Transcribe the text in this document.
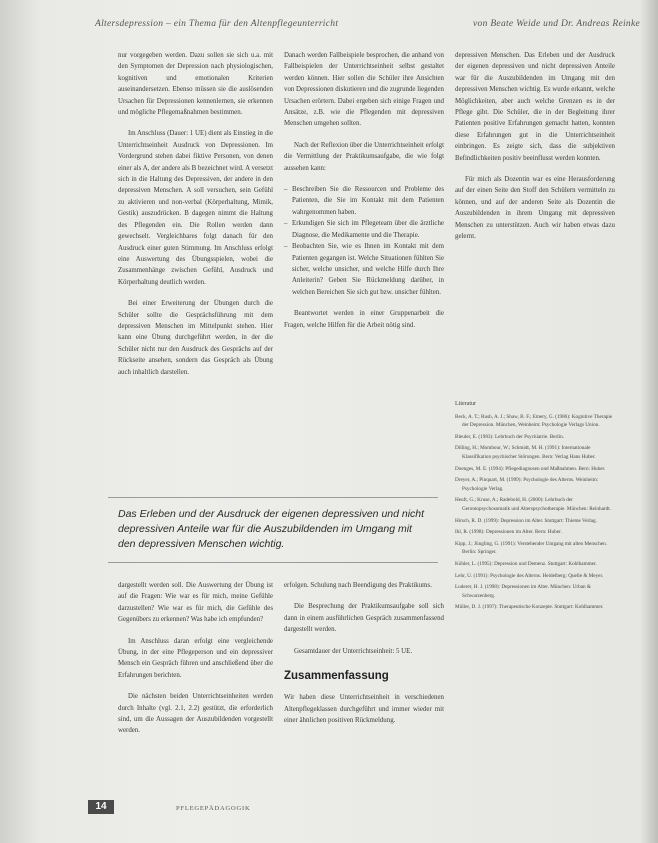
Altersdepression – ein Thema für den Altenpflegeunterricht	von Beate Weide und Dr. Andreas Reinke

nur vorgegeben werden. Dazu sollen sie sich u.a. mit den Symptomen der Depression nach physiologischen, kognitiven und emotionalen Kriterien auseinandersetzen. Ebenso müssen sie die auslösenden Ursachen für Depressionen kennenlernen, sie erkennen und mögliche Pflegemaßnahmen bestimmen.

Im Anschluss (Dauer: 1 UE) dient als Einstieg in die Unterrichtseinheit Ausdruck von Depressionen. Im Vordergrund stehen dabei fiktive Personen, von denen einer als A, der andere als B bezeichnet wird. A versetzt sich in die Haltung des Depressiven, der andere in den depressiven Menschen. A soll versuchen, sein Gefühl zu aktivieren und non-verbal (Körperhaltung, Mimik, Gestik) auszudrücken. B dagegen nimmt die Haltung des Pflegenden ein. Die Rollen werden dann gewechselt. Vergleichbares folgt danach für den Ausdruck einer guten Stimmung. Im Anschluss erfolgt eine Auswertung des Übungsspielen, wobei die Zusammenhänge zwischen Gefühl, Ausdruck und Körperhaltung deutlich werden.

Bei einer Erweiterung der Übungen durch die Schüler sollte die Gesprächsführung mit dem depressiven Menschen im Mittelpunkt stehen. Hier kann eine Übung durchgeführt werden, in der die Schüler nicht nur den Ausdruck des Gesprächs auf der Rückseite ansehen, sondern das Gespräch als Übung auch inhaltlich darstellen.

Danach werden Fallbeispiele besprochen, die anhand von Fallbeispielen der Unterrichtseinheit selbst gestaltet werden können. Hier sollen die Schüler ihre Ansichten von Depressionen diskutieren und die zugrunde liegenden Ursachen erörtern. Dabei ergeben sich einige Fragen und Ansätze, z.B. wie die Pflegenden mit depressiven Menschen umgehen sollten.

Nach der Reflexion über die Unterrichtseinheit erfolgt die Vermittlung der Praktikumsaufgabe, die wie folgt aussehen kann:

– Beschreiben Sie die Ressourcen und Probleme des Patienten, die Sie im Kontakt mit dem Patienten wahrgenommen haben.
– Erkundigen Sie sich im Pflegeteam über die ärztliche Diagnose, die Medikamente und die Therapie.
– Beobachten Sie, wie es Ihnen im Kontakt mit dem Patienten gegangen ist. Welche Situationen fühlten Sie sicher, welche unsicher, und welche Hilfe durch Ihre Anleiterin? Geben Sie Rückmeldung darüber, in welchen Bereichen Sie sich gut bzw. unsicher fühlten.

Beantwortet werden in einer Gruppenarbeit die Fragen, welche Hilfen für die Arbeit nötig sind.

depressiven Menschen. Das Erleben und der Ausdruck der eigenen depressiven und nicht depressiven Anteile war für die Auszubildenden im Umgang mit den depressiven Menschen wichtig. Es wurde erkannt, welche Möglichkeiten, aber auch welche Grenzen es in der Pflege gibt. Die Schüler, die in der Begleitung ihrer Patienten positive Erfahrungen gemacht hatten, konnten diese Erfahrungen gut in die Unterrichtseinheit einbringen. Es zeigte sich, dass die subjektiven Befindlichkeiten positiv beeinflusst werden konnten.

Für mich als Dozentin war es eine Herausforderung auf der einen Seite den Stoff den Schülern vermitteln zu können, und auf der anderen Seite als Dozentin die Auszubildenden in ihrem Umgang mit depressiven Menschen zu unterstützen. Auch wir haben etwas dazu gelernt.

Das Erleben und der Ausdruck der eigenen depressiven und nicht depressiven Anteile war für die Auszubildenden im Umgang mit den depressiven Menschen wichtig.

dargestellt werden soll. Die Auswertung der Übung ist auf die Fragen: Wie war es für mich, meine Gefühle darzustellen? Wie war es für mich, die Gefühle des Gegenübers zu erkennen? Was habe ich empfunden?

Im Anschluss daran erfolgt eine vergleichende Übung, in der eine Pflegeperson und ein depressiver Mensch ein Gespräch führen und anschließend über die Erfahrungen berichten.

Die nächsten beiden Unterrichtseinheiten werden durch Inhalte (vgl. 2.1, 2.2) gestützt, die erforderlich sind, um die Aussagen der Auszubildenden vorgestellt werden.

erfolgen. Schulung nach Beendigung des Praktikums.

Die Besprechung der Praktikumsaufgabe soll sich dann in einem ausführlichen Gespräch zusammenfassend dargestellt werden.

Gesamtdauer der Unterrichtseinheit: 5 UE.

Zusammenfassung

Wir haben diese Unterrichtseinheit in verschiedenen Altenpflegeklassen durchgeführt und immer wieder mit einer ähnlichen positiven Rückmeldung.

Literatur
Beck, A. T.; Rush, A. J.; Shaw, B. F.; Emery, G. (1986): Kognitive Therapie der Depression. München, Weinheim: Psychologie Verlags Union.
Bleuler, E. (1983): Lehrbuch der Psychiatrie. Berlin.
Dilling, H.; Mombour, W.; Schmidt, M. H. (1991): Internationale Klassifikation psychischer Störungen. Bern: Verlag Hans Huber.
Doenges, M. E. (1994): Pflegediagnosen und Maßnahmen. Bern: Huber.
Dreyer, A.; Pinquart, M. (1999): Psychologie des Alterns. Weinheim: Psychologie Verlag.
Heuft, G.; Kruse, A.; Radebold, H. (2000): Lehrbuch der Gerontopsychosomatik und Alterspsychotherapie. München: Reinhardt.
Hirsch, R. D. (1999): Depression im Alter. Stuttgart: Thieme Verlag.
Ihl, R. (1998): Depressionen im Alter. Bern: Huber.
Kipp, J.; Jüngling, G. (1991): Verstehender Umgang mit alten Menschen. Berlin: Springer.
Köhler, L. (1995): Depression und Demenz. Stuttgart: Kohlhammer.
Lehr, U. (1991): Psychologie des Alterns. Heidelberg: Quelle & Meyer.
Luderer, H. J. (1998): Depressionen im Alter. München: Urban & Schwarzenberg.
Müller, D. J. (1997): Therapeutische Konzepte. Stuttgart: Kohlhammer.
14	PFLEGEPÄDAGOGIK
